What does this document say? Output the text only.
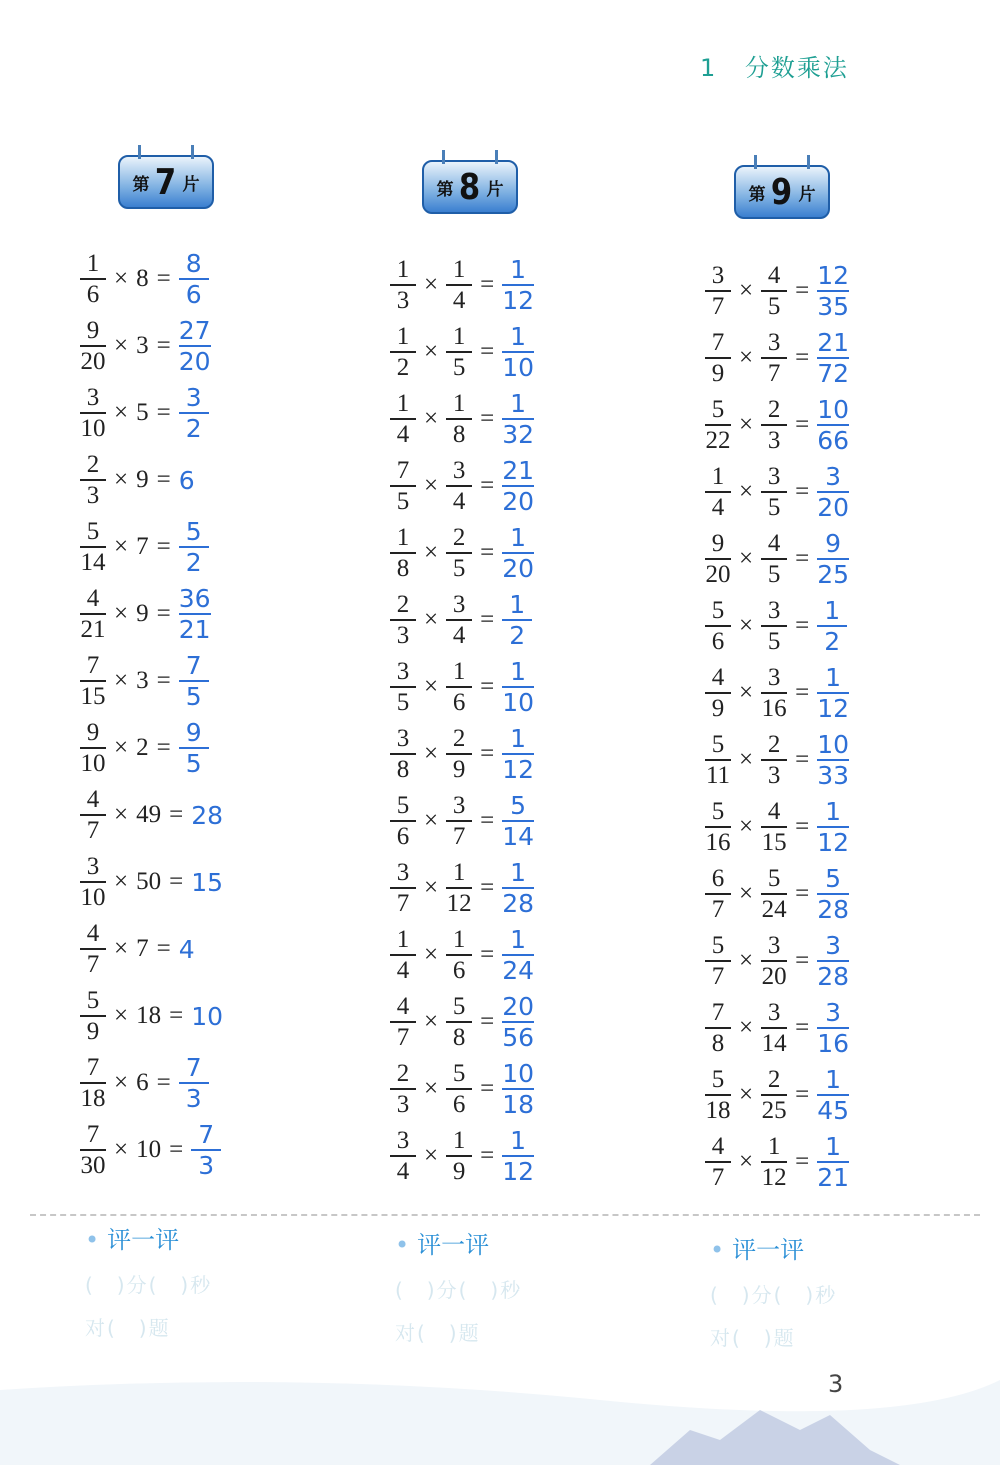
1 分数乘法
第 7 片
$\frac{1}{6} \times 8$ =
8
6
$\frac{9}{20} \times 3$ =
27
20
$\frac{3}{10} \times 5$ =
3
2
$\frac{2}{3} \times 9 = 6$
$\frac{5}{14} \times 7$ =
5
2
$\frac{4}{21} \times 9$ =
36
21
$\frac{7}{15} \times 3$ =
7
5
$\frac{9}{10} \times 2$ =
9
5
$\frac{4}{7} \times 49 = 28$
$\frac{3}{10} \times 50 = 15$
$\frac{4}{7} \times 7 = 4$
$\frac{5}{9} \times 18 = 10$
$\frac{7}{18} \times 6$ =
7
3
$\frac{7}{30} \times 10$ =
7
3
• 评一评
(　)分(　)秒
对(　)题
第 8 片
$\frac{1}{3} \times \frac{1}{4}$ =
1
12
$\frac{1}{2} \times \frac{1}{5}$ =
1
10
$\frac{1}{4} \times \frac{1}{8}$ =
1
32
$\frac{7}{5} \times \frac{3}{4}$ =
21
20
$\frac{1}{8} \times \frac{2}{5}$ =
1
20
$\frac{2}{3} \times \frac{3}{4}$ =
1
2
$\frac{3}{5} \times \frac{1}{6}$ =
1
10
$\frac{3}{8} \times \frac{2}{9}$ =
1
12
$\frac{5}{6} \times \frac{3}{7}$ =
5
14
$\frac{3}{7} \times \frac{1}{12}$ =
1
28
$\frac{1}{4} \times \frac{1}{6}$ =
1
24
$\frac{4}{7} \times \frac{5}{8}$ =
20
56
$\frac{2}{3} \times \frac{5}{6}$ =
10
18
$\frac{3}{4} \times \frac{1}{9}$ =
1
12
• 评一评
(　)分(　)秒
对(　)题
第 9 片
$\frac{3}{7} \times \frac{4}{5}$ =
12
35
$\frac{7}{9} \times \frac{3}{7}$ =
21
72
$\frac{5}{22} \times \frac{2}{3}$ =
10
66
$\frac{1}{4} \times \frac{3}{5}$ =
3
20
$\frac{9}{20} \times \frac{4}{5}$ =
9
25
$\frac{5}{6} \times \frac{3}{5}$ =
1
2
$\frac{4}{9} \times \frac{3}{16}$ =
1
12
$\frac{5}{11} \times \frac{2}{3}$ =
10
33
$\frac{5}{16} \times \frac{4}{15}$ =
1
12
$\frac{6}{7} \times \frac{5}{24}$ =
5
28
$\frac{5}{7} \times \frac{3}{20}$ =
3
28
$\frac{7}{8} \times \frac{3}{14}$ =
3
16
$\frac{5}{18} \times \frac{2}{25}$ =
1
45
$\frac{4}{7} \times \frac{1}{12}$ =
1
21
• 评一评
(　)分(　)秒
对(　)题
3
